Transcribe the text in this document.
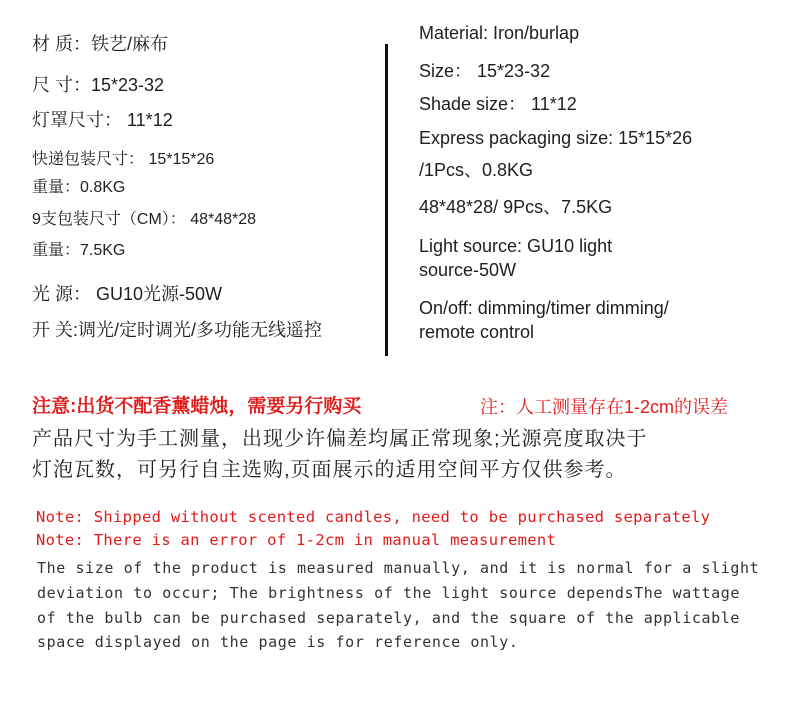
材 质：铁艺/麻布
尺 寸：15*23-32
灯罩尺寸： 11*12
快递包装尺寸： 15*15*26
重量：0.8KG
9支包装尺寸（CM）： 48*48*28
重量：7.5KG
光 源： GU10光源-50W
开 关:调光/定时调光/多功能无线遥控
Material: Iron/burlap
Size： 15*23-32
Shade size： 11*12
Express packaging size: 15*15*26
/1Pcs、0.8KG
48*48*28/ 9Pcs、7.5KG
Light source: GU10 light
source-50W
On/off: dimming/timer dimming/
remote control
注意:出货不配香薰蜡烛，需要另行购买	注：人工测量存在1-2cm的误差
产品尺寸为手工测量，出现少许偏差均属正常现象;光源亮度取决于
灯泡瓦数，可另行自主选购,页面展示的适用空间平方仅供参考。
Note: Shipped without scented candles, need to be purchased separately
Note: There is an error of 1-2cm in manual measurement
The size of the product is measured manually, and it is normal for a slight
deviation to occur; The brightness of the light source dependsThe wattage
of the bulb can be purchased separately, and the square of the applicable
space displayed on the page is for reference only.
